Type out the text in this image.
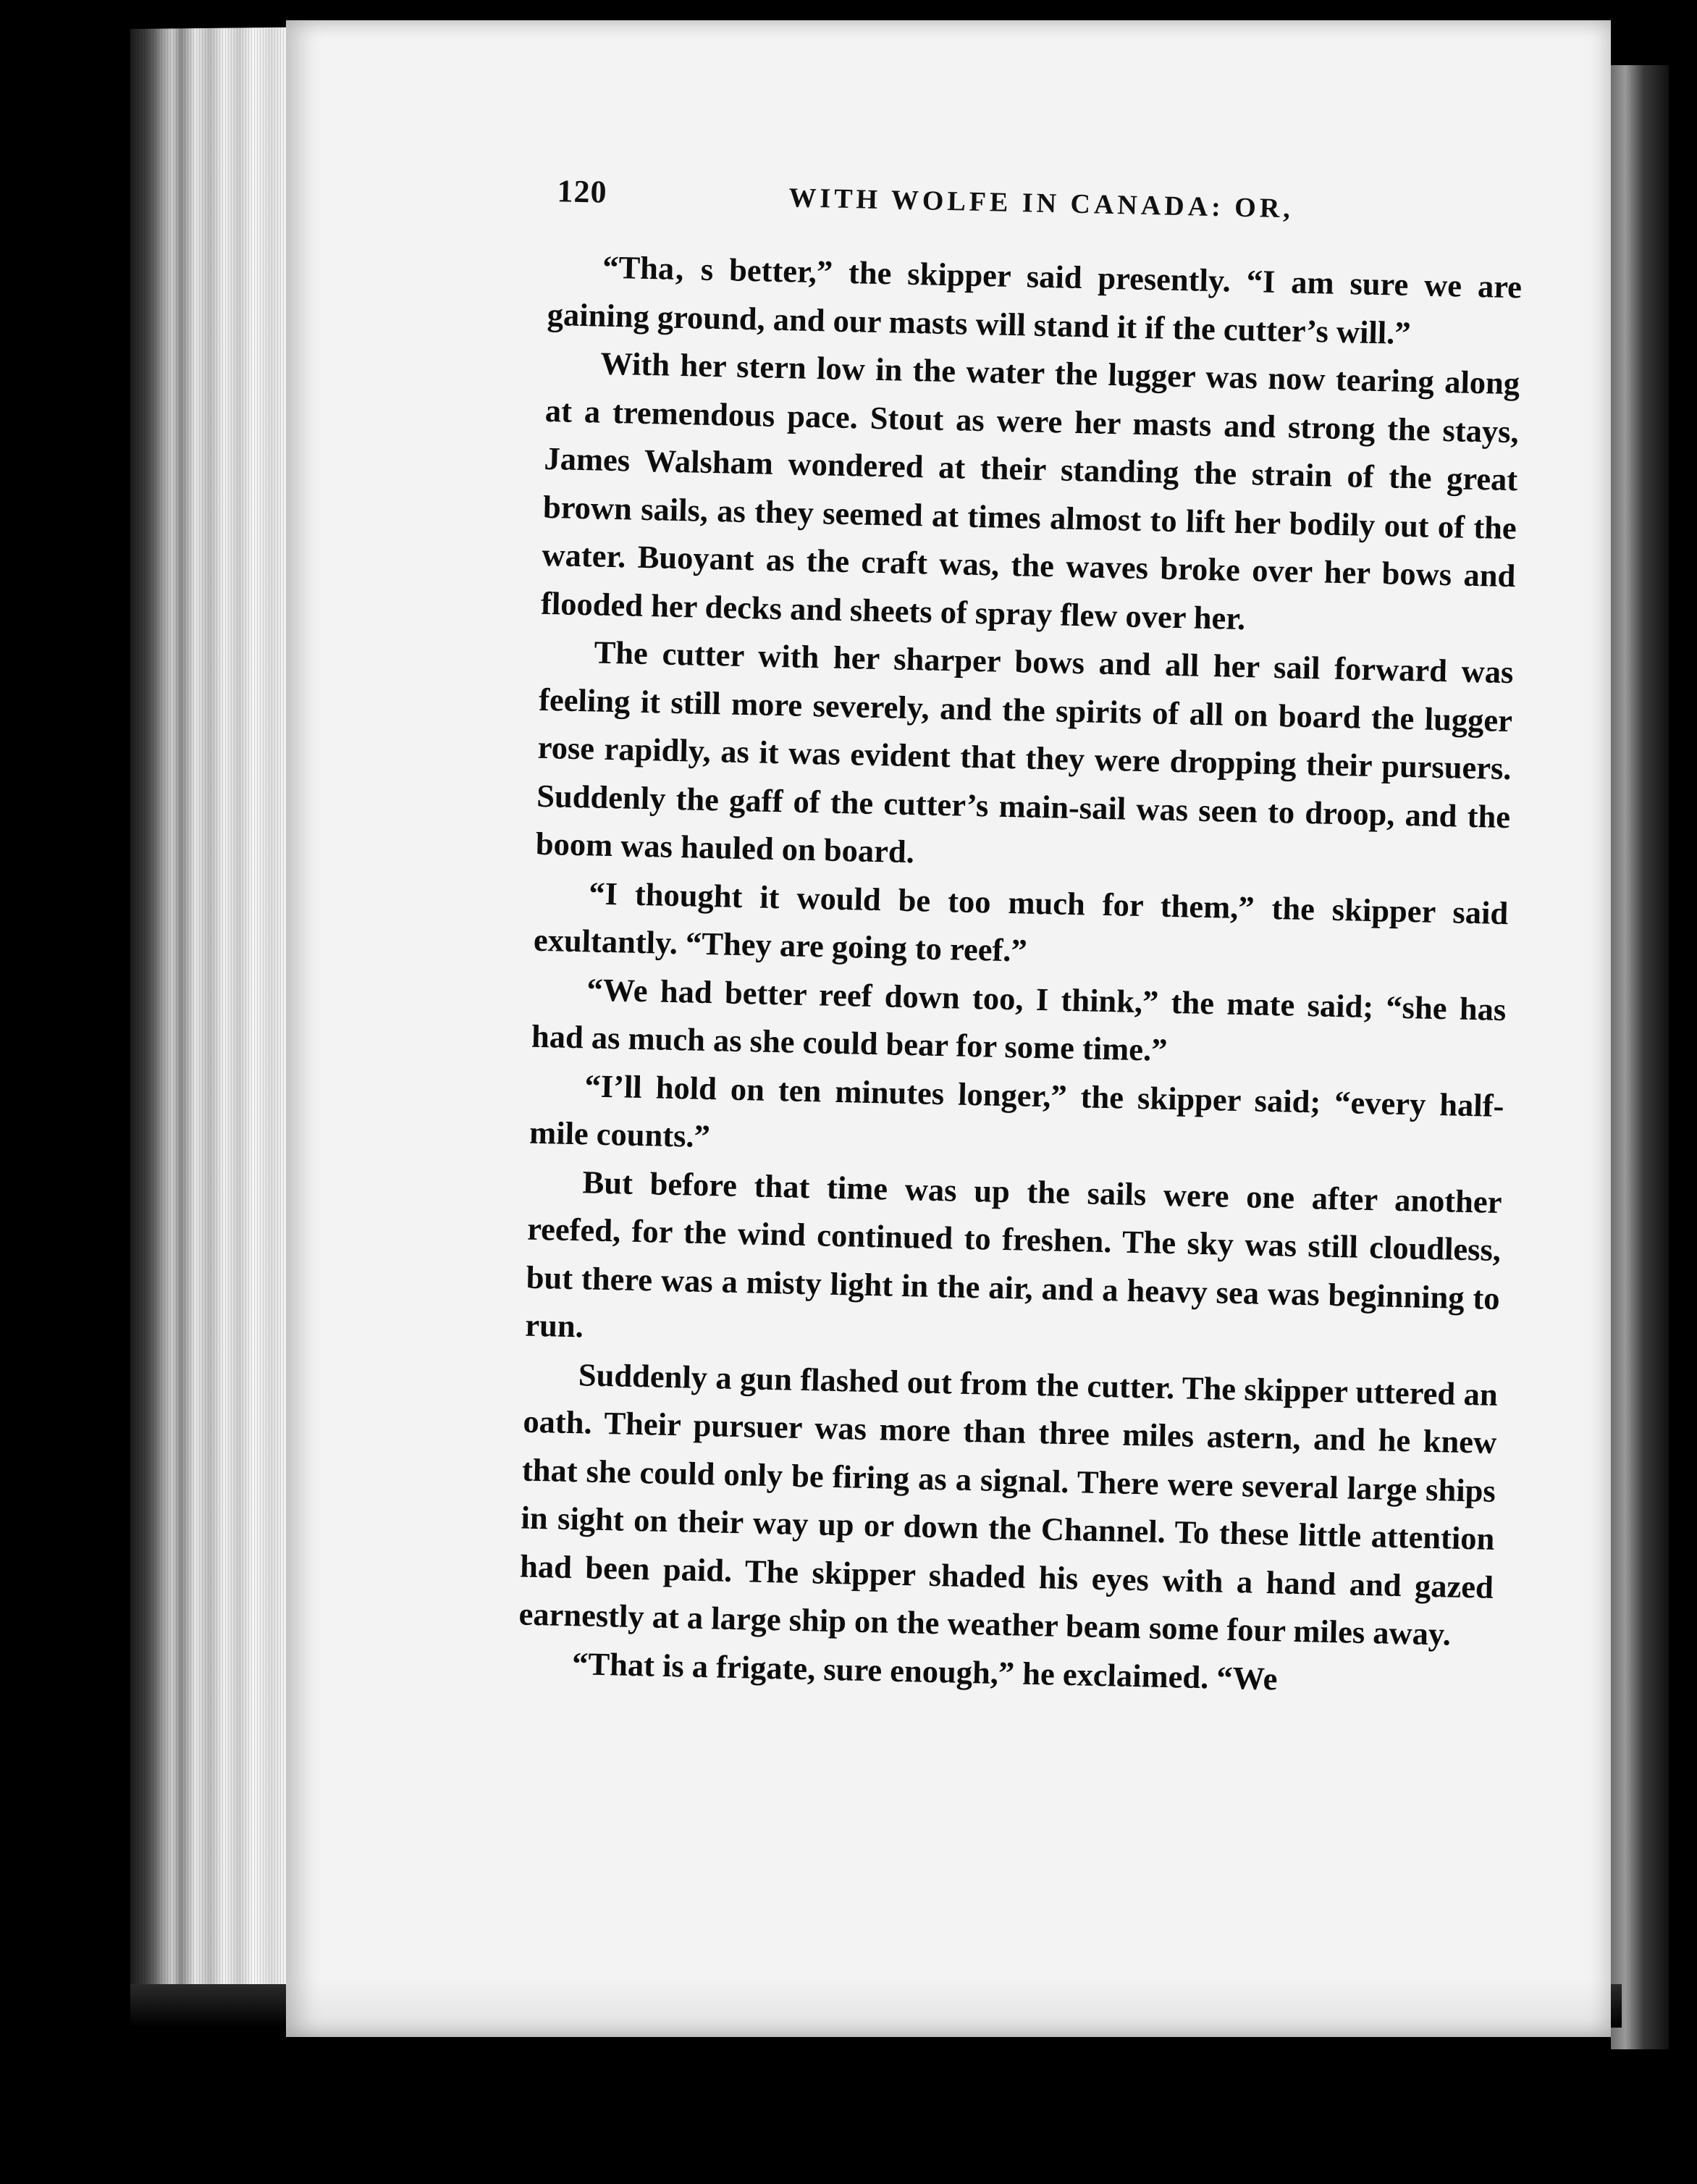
120	WITH WOLFE IN CANADA: OR,

“Tha‚ s better,” the skipper said presently. “I am sure we are gaining ground, and our masts will stand it if the cutter’s will.”

With her stern low in the water the lugger was now tearing along at a tremendous pace. Stout as were her masts and strong the stays, James Walsham wondered at their standing the strain of the great brown sails, as they seemed at times almost to lift her bodily out of the water. Buoyant as the craft was, the waves broke over her bows and flooded her decks and sheets of spray flew over her.

The cutter with her sharper bows and all her sail forward was feeling it still more severely, and the spirits of all on board the lugger rose rapidly, as it was evident that they were dropping their pursuers. Suddenly the gaff of the cutter’s main-sail was seen to droop, and the boom was hauled on board.

“I thought it would be too much for them,” the skipper said exultantly. “They are going to reef.”

“We had better reef down too, I think,” the mate said; “she has had as much as she could bear for some time.”

“I’ll hold on ten minutes longer,” the skipper said; “every half-mile counts.”

But before that time was up the sails were one after another reefed, for the wind continued to freshen. The sky was still cloudless, but there was a misty light in the air, and a heavy sea was beginning to run.

Suddenly a gun flashed out from the cutter. The skipper uttered an oath. Their pursuer was more than three miles astern, and he knew that she could only be firing as a signal. There were several large ships in sight on their way up or down the Channel. To these little attention had been paid. The skipper shaded his eyes with a hand and gazed earnestly at a large ship on the weather beam some four miles away.

“That is a frigate, sure enough,” he exclaimed. “We
